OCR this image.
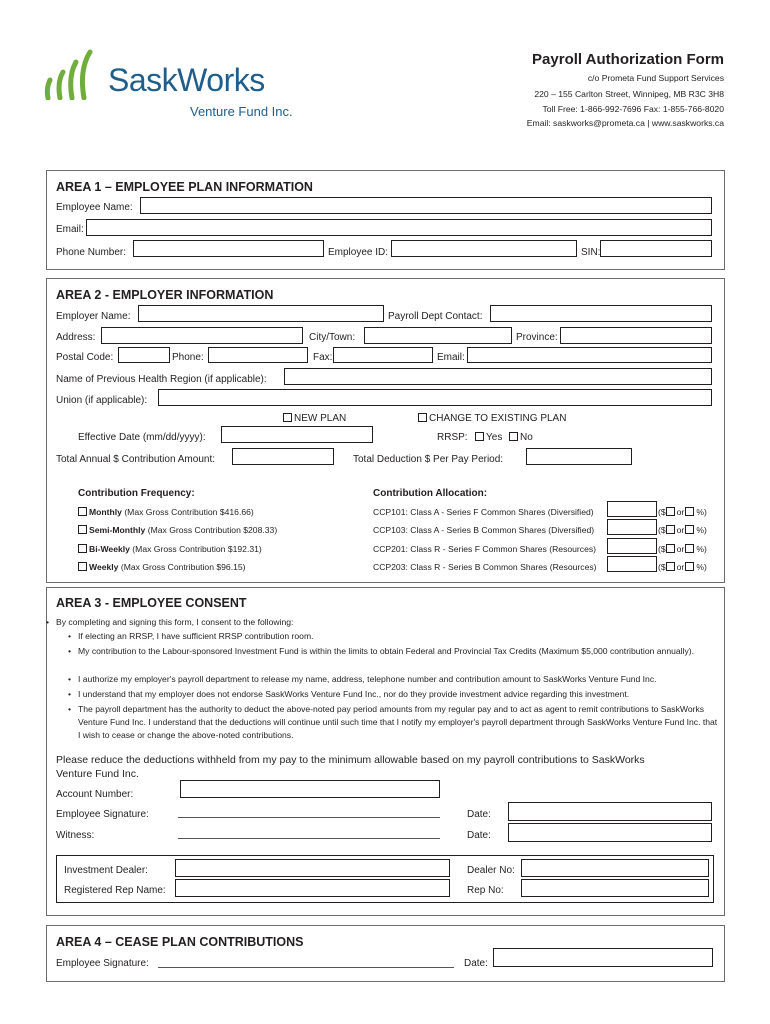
SaskWorks
Venture Fund Inc.
Payroll Authorization Form
c/o Prometa Fund Support Services
220 – 155 Carlton Street, Winnipeg, MB R3C 3H8
Toll Free: 1-866-992-7696 Fax: 1-855-766-8020
Email: saskworks@prometa.ca | www.saskworks.ca
AREA 1 – EMPLOYEE PLAN INFORMATION
Employee Name:
Email:
Phone Number:	Employee ID:	SIN:
AREA 2 - EMPLOYER INFORMATION
Employer Name:	Payroll Dept Contact:
Address:	City/Town:	Province:
Postal Code:	Phone:	Fax:	Email:
Name of Previous Health Region (if applicable):
Union (if applicable):
NEW PLAN	CHANGE TO EXISTING PLAN
Effective Date (mm/dd/yyyy):	RRSP:	Yes	No
Total Annual $ Contribution Amount:	Total Deduction $ Per Pay Period:
Contribution Frequency:	Contribution Allocation:
Monthly (Max Gross Contribution $416.66)
Semi-Monthly (Max Gross Contribution $208.33)
Bi-Weekly (Max Gross Contribution $192.31)
Weekly (Max Gross Contribution $96.15)
CCP101: Class A - Series F Common Shares (Diversified)	($ or %)
CCP103: Class A - Series B Common Shares (Diversified)	($ or %)
CCP201: Class R - Series F Common Shares (Resources)	($ or %)
CCP203: Class R - Series B Common Shares (Resources)	($ or %)
AREA 3 - EMPLOYEE CONSENT
• By completing and signing this form, I consent to the following:
• If electing an RRSP, I have sufficient RRSP contribution room.
• My contribution to the Labour-sponsored Investment Fund is within the limits to obtain Federal and Provincial Tax Credits (Maximum $5,000 contribution annually).
• I authorize my employer's payroll department to release my name, address, telephone number and contribution amount to SaskWorks Venture Fund Inc.
• I understand that my employer does not endorse SaskWorks Venture Fund Inc., nor do they provide investment advice regarding this investment.
• The payroll department has the authority to deduct the above-noted pay period amounts from my regular pay and to act as agent to remit contributions to SaskWorks Venture Fund Inc. I understand that the deductions will continue until such time that I notify my employer's payroll department through SaskWorks Venture Fund Inc. that I wish to cease or change the above-noted contributions.
Please reduce the deductions withheld from my pay to the minimum allowable based on my payroll contributions to SaskWorks Venture Fund Inc.
Account Number:
Employee Signature:	Date:
Witness:	Date:
Investment Dealer:	Dealer No:
Registered Rep Name:	Rep No:
AREA 4 – CEASE PLAN CONTRIBUTIONS
Employee Signature:	Date:
